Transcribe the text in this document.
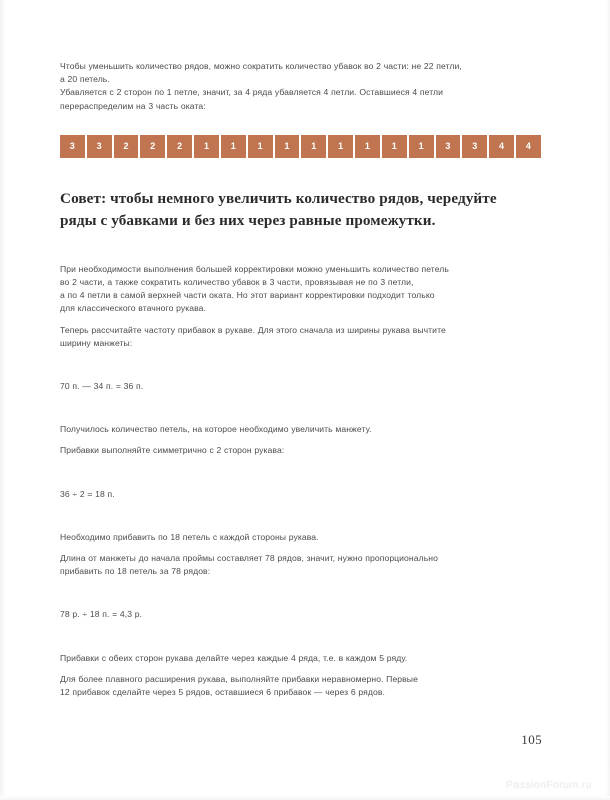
Чтобы уменьшить количество рядов, можно сократить количество убавок во 2 части: не 22 петли,

а 20 петель.

Убавляется с 2 сторон по 1 петле, значит, за 4 ряда убавляется 4 петли. Оставшиеся 4 петли

перераспределим на 3 часть оката:

3	3	2	2	2	1	1	1	1	1	1	1	1	1	3	3	4	4

Совет: чтобы немного увеличить количество рядов, чередуйте

ряды с убавками и без них через равные промежутки.

При необходимости выполнения большей корректировки можно уменьшить количество петель

во 2 части, а также сократить количество убавок в 3 части, провязывая не по 3 петли,

а по 4 петли в самой верхней части оката. Но этот вариант корректировки подходит только

для классического втачного рукава.

Теперь рассчитайте частоту прибавок в рукаве. Для этого сначала из ширины рукава вычтите

ширину манжеты:

70 п. — 34 п. = 36 п.

Получилось количество петель, на которое необходимо увеличить манжету.

Прибавки выполняйте симметрично с 2 сторон рукава:

36 ÷ 2 = 18 п.

Необходимо прибавить по 18 петель с каждой стороны рукава.

Длина от манжеты до начала проймы составляет 78 рядов, значит, нужно пропорционально

прибавить по 18 петель за 78 рядов:

78 р. ÷ 18 п. = 4,3 р.

Прибавки с обеих сторон рукава делайте через каждые 4 ряда, т.е. в каждом 5 ряду.

Для более плавного расширения рукава, выполняйте прибавки неравномерно. Первые

12 прибавок сделайте через 5 рядов, оставшиеся 6 прибавок — через 6 рядов.

105
PassionForum.ru
